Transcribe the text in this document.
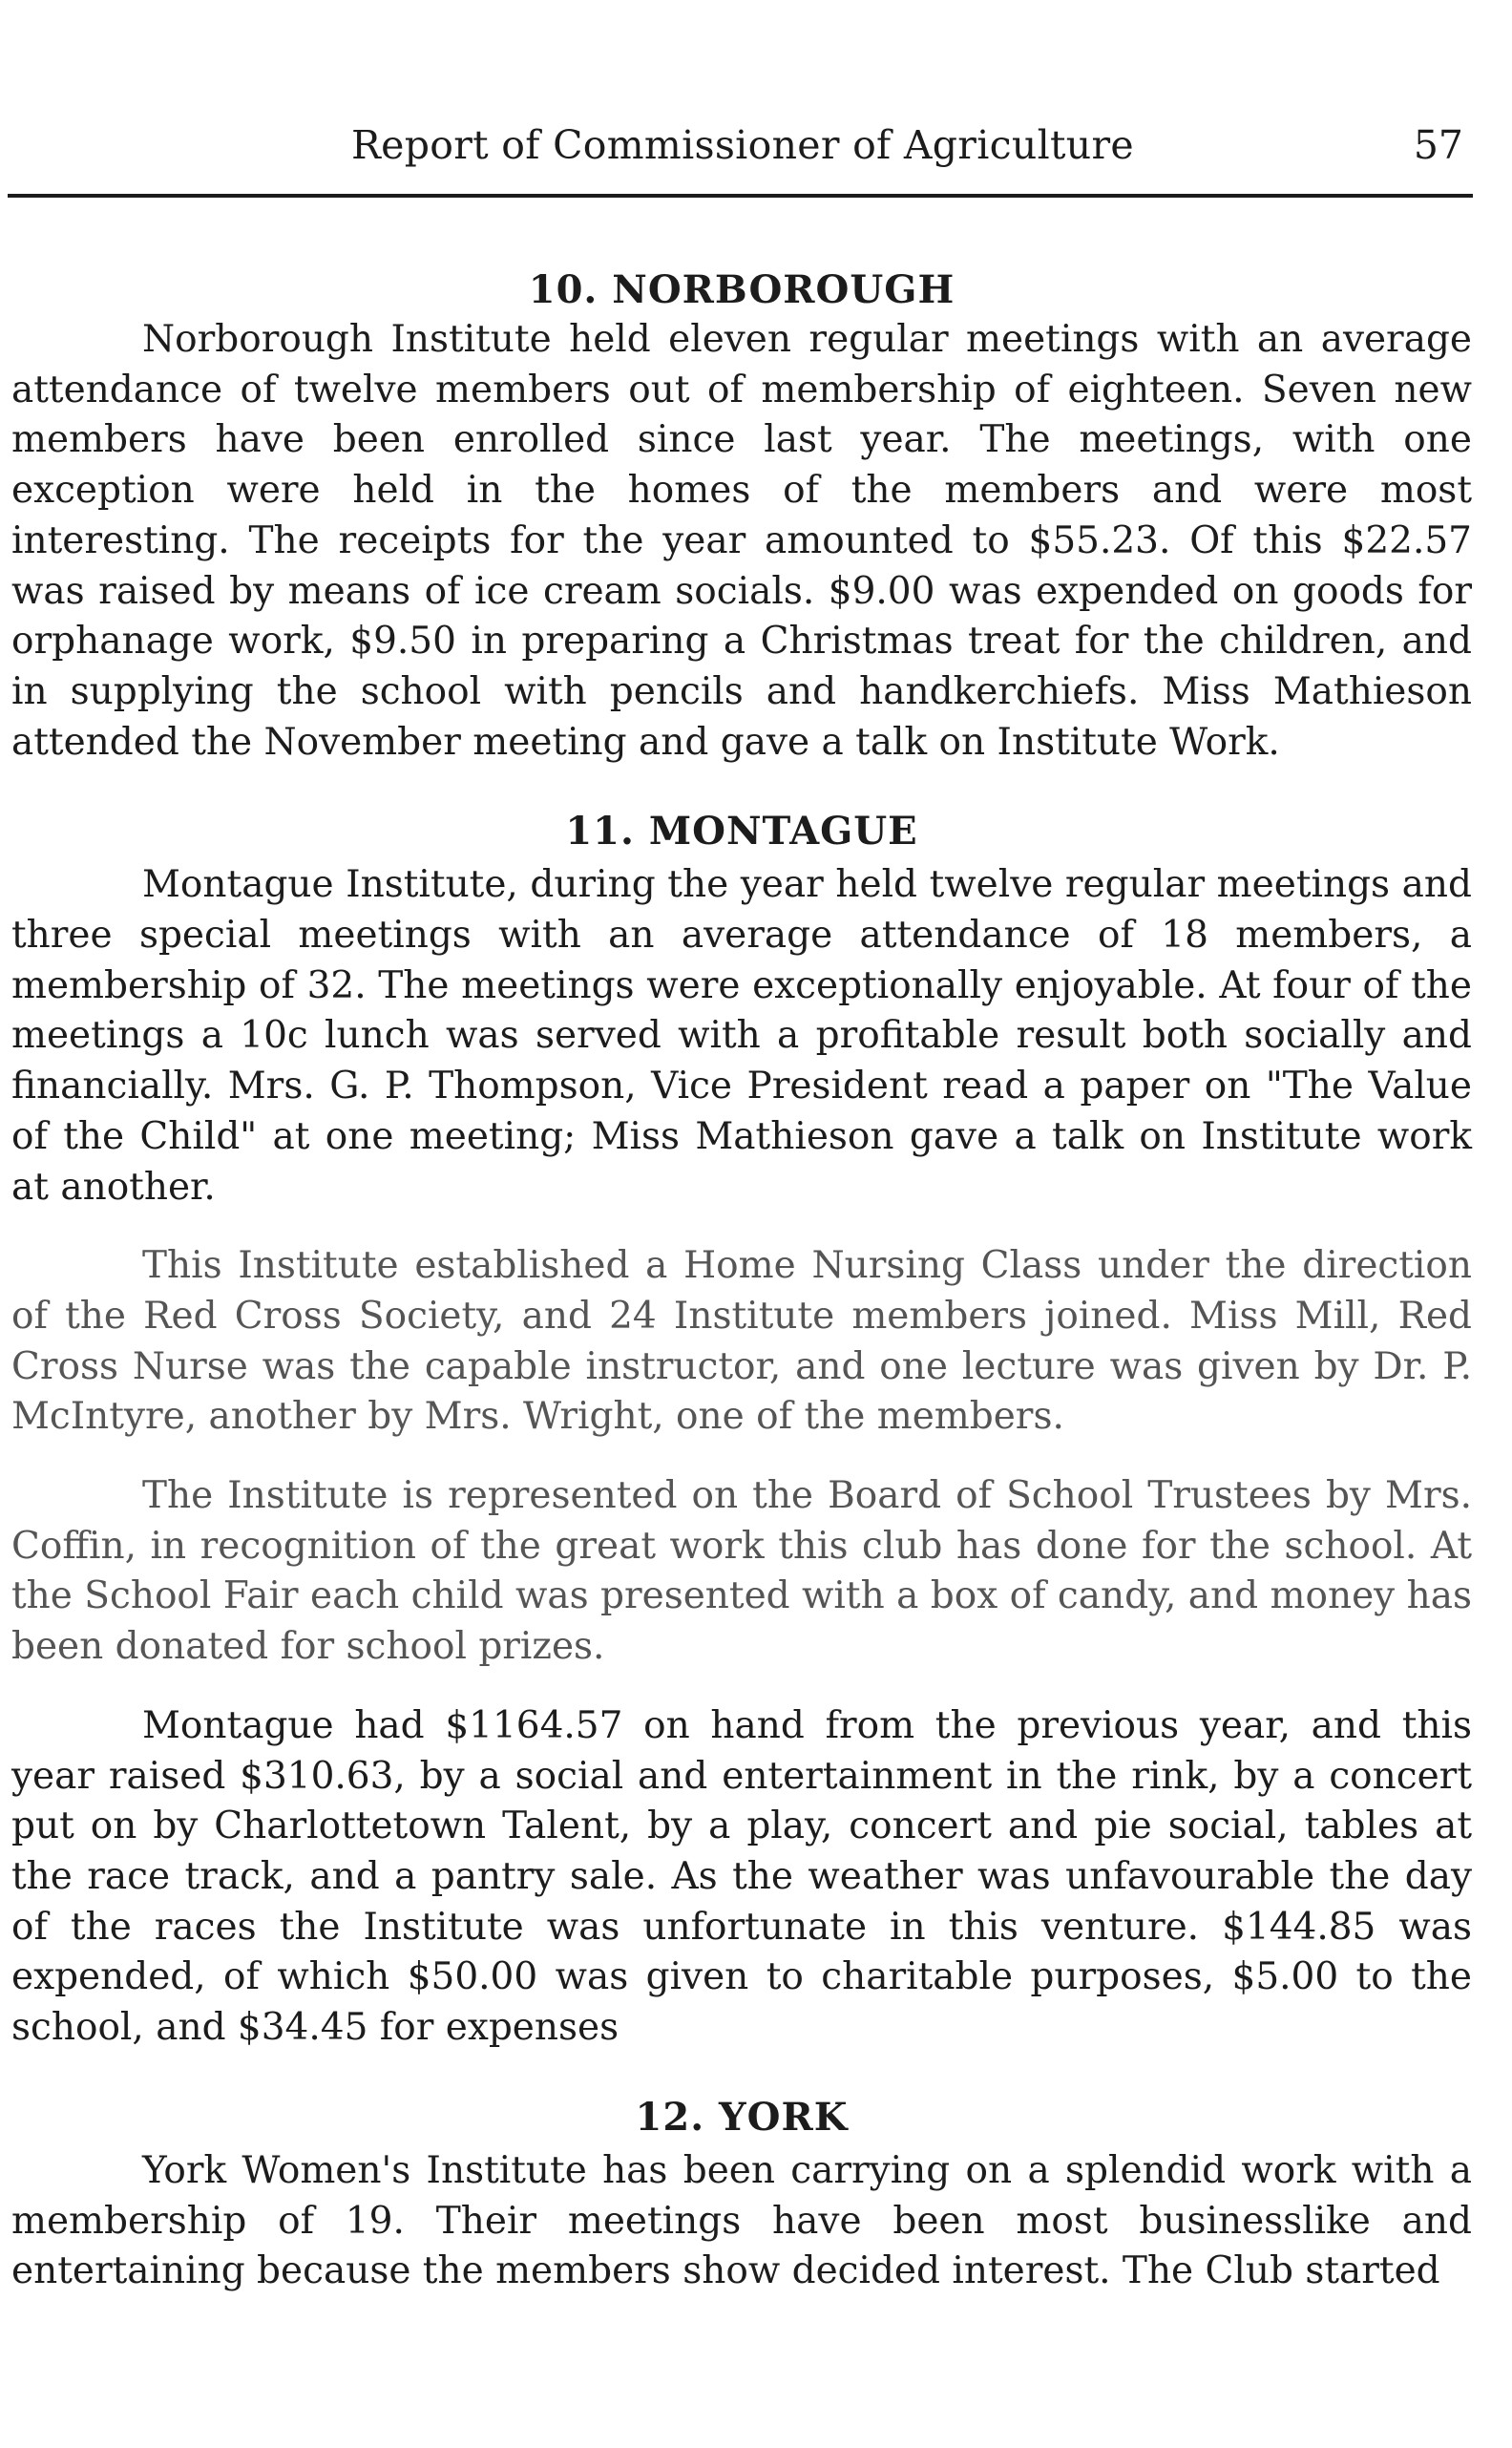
Report of Commissioner of Agriculture	57
10. NORBOROUGH

Norborough Institute held eleven regular meetings with an average attendance of twelve members out of membership of eighteen. Seven new members have been enrolled since last year. The meetings, with one exception were held in the homes of the members and were most interesting. The receipts for the year amounted to $55.23. Of this $22.57 was raised by means of ice cream socials. $9.00 was expended on goods for orphanage work, $9.50 in preparing a Christmas treat for the children, and in supplying the school with pencils and handkerchiefs. Miss Mathieson attended the November meeting and gave a talk on Institute Work.

11. MONTAGUE

Montague Institute, during the year held twelve regular meetings and three special meetings with an average attendance of 18 members, a membership of 32. The meetings were exceptionally enjoyable. At four of the meetings a 10c lunch was served with a profitable result both socially and financially. Mrs. G. P. Thompson, Vice President read a paper on "The Value of the Child" at one meeting; Miss Mathieson gave a talk on Institute work at another.

This Institute established a Home Nursing Class under the direction of the Red Cross Society, and 24 Institute members joined. Miss Mill, Red Cross Nurse was the capable instructor, and one lecture was given by Dr. P. McIntyre, another by Mrs. Wright, one of the members.

The Institute is represented on the Board of School Trustees by Mrs. Coffin, in recognition of the great work this club has done for the school. At the School Fair each child was presented with a box of candy, and money has been donated for school prizes.

Montague had $1164.57 on hand from the previous year, and this year raised $310.63, by a social and entertainment in the rink, by a concert put on by Charlottetown Talent, by a play, concert and pie social, tables at the race track, and a pantry sale. As the weather was unfavourable the day of the races the Institute was unfortunate in this venture. $144.85 was expended, of which $50.00 was given to charitable purposes, $5.00 to the school, and $34.45 for expenses

12. YORK

York Women's Institute has been carrying on a splendid work with a membership of 19. Their meetings have been most businesslike and entertaining because the members show decided interest. The Club started
